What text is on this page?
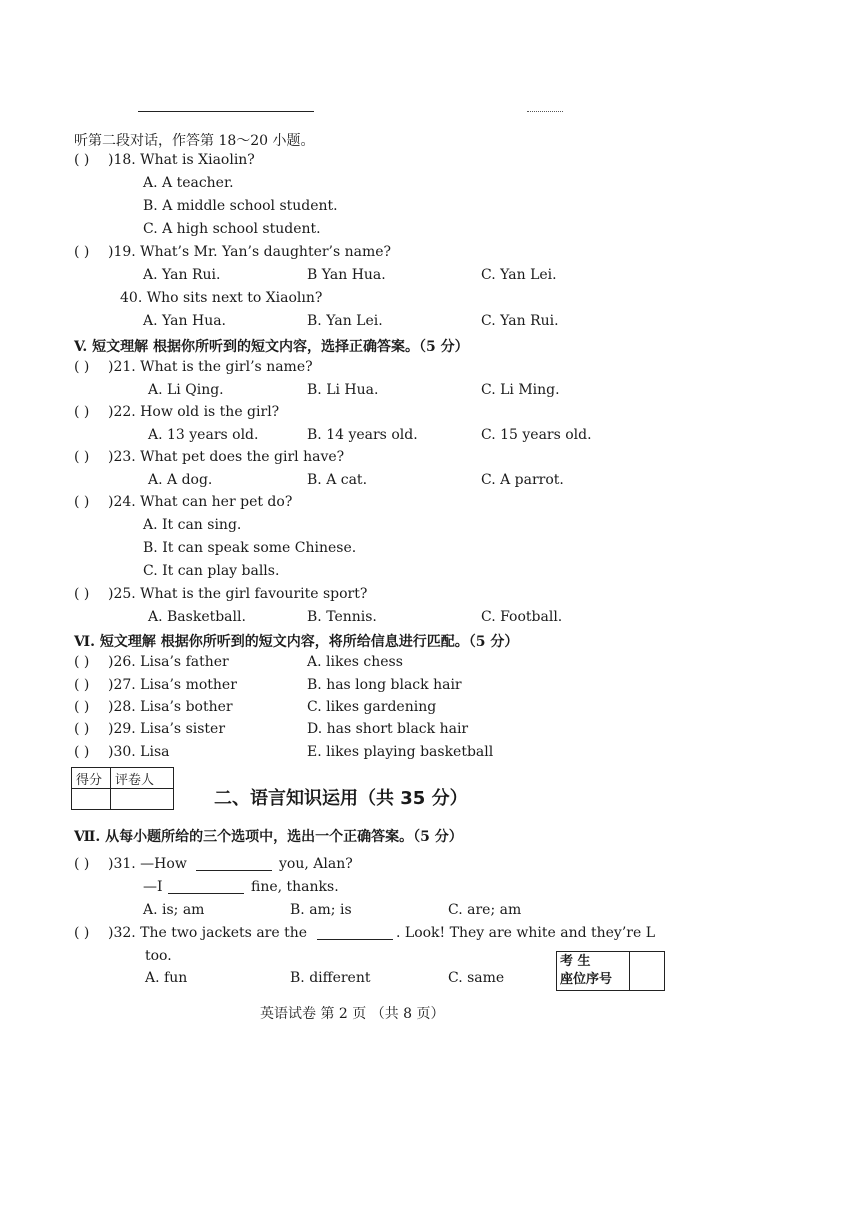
听第二段对话，作答第 18～20 小题。
( ) )18. What is Xiaolin?
A. A teacher.
B. A middle school student.
C. A high school student.
( ) )19. What’s Mr. Yan’s daughter’s name?
A. Yan Rui.	B Yan Hua.	C. Yan Lei.
40. Who sits next to Xiaolın?
A. Yan Hua.	B. Yan Lei.	C. Yan Rui.
V. 短文理解 根据你所听到的短文内容，选择正确答案。（5 分）
( ) )21. What is the girl’s name?
A. Li Qing.	B. Li Hua.	C. Li Ming.
( ) )22. How old is the girl?
A. 13 years old.	B. 14 years old.	C. 15 years old.
( ) )23. What pet does the girl have?
A. A dog.	B. A cat.	C. A parrot.
( ) )24. What can her pet do?
A. It can sing.
B. It can speak some Chinese.
C. It can play balls.
( ) )25. What is the girl favourite sport?
A. Basketball.	B. Tennis.	C. Football.
Ⅵ. 短文理解 根据你所听到的短文内容，将所给信息进行匹配。（5 分）
( ) )26. Lisa’s father	A. likes chess
( ) )27. Lisa’s mother	B. has long black hair
( ) )28. Lisa’s bother	C. likes gardening
( ) )29. Lisa’s sister	D. has short black hair
( ) )30. Lisa	E. likes playing basketball
得分	评卷人

二、语言知识运用（共 35 分）
Ⅶ. 从每小题所给的三个选项中，选出一个正确答案。（5 分）
( ) )31. —How	you, Alan?
—I	fine, thanks.
A. is; am	B. am; is	C. are; am
( ) )32. The two jackets are the	. Look! They are white and they’re L
too.
A. fun	B. different	C. same
考 生
座位序号

英语试卷 第 2 页 （共 8 页）
